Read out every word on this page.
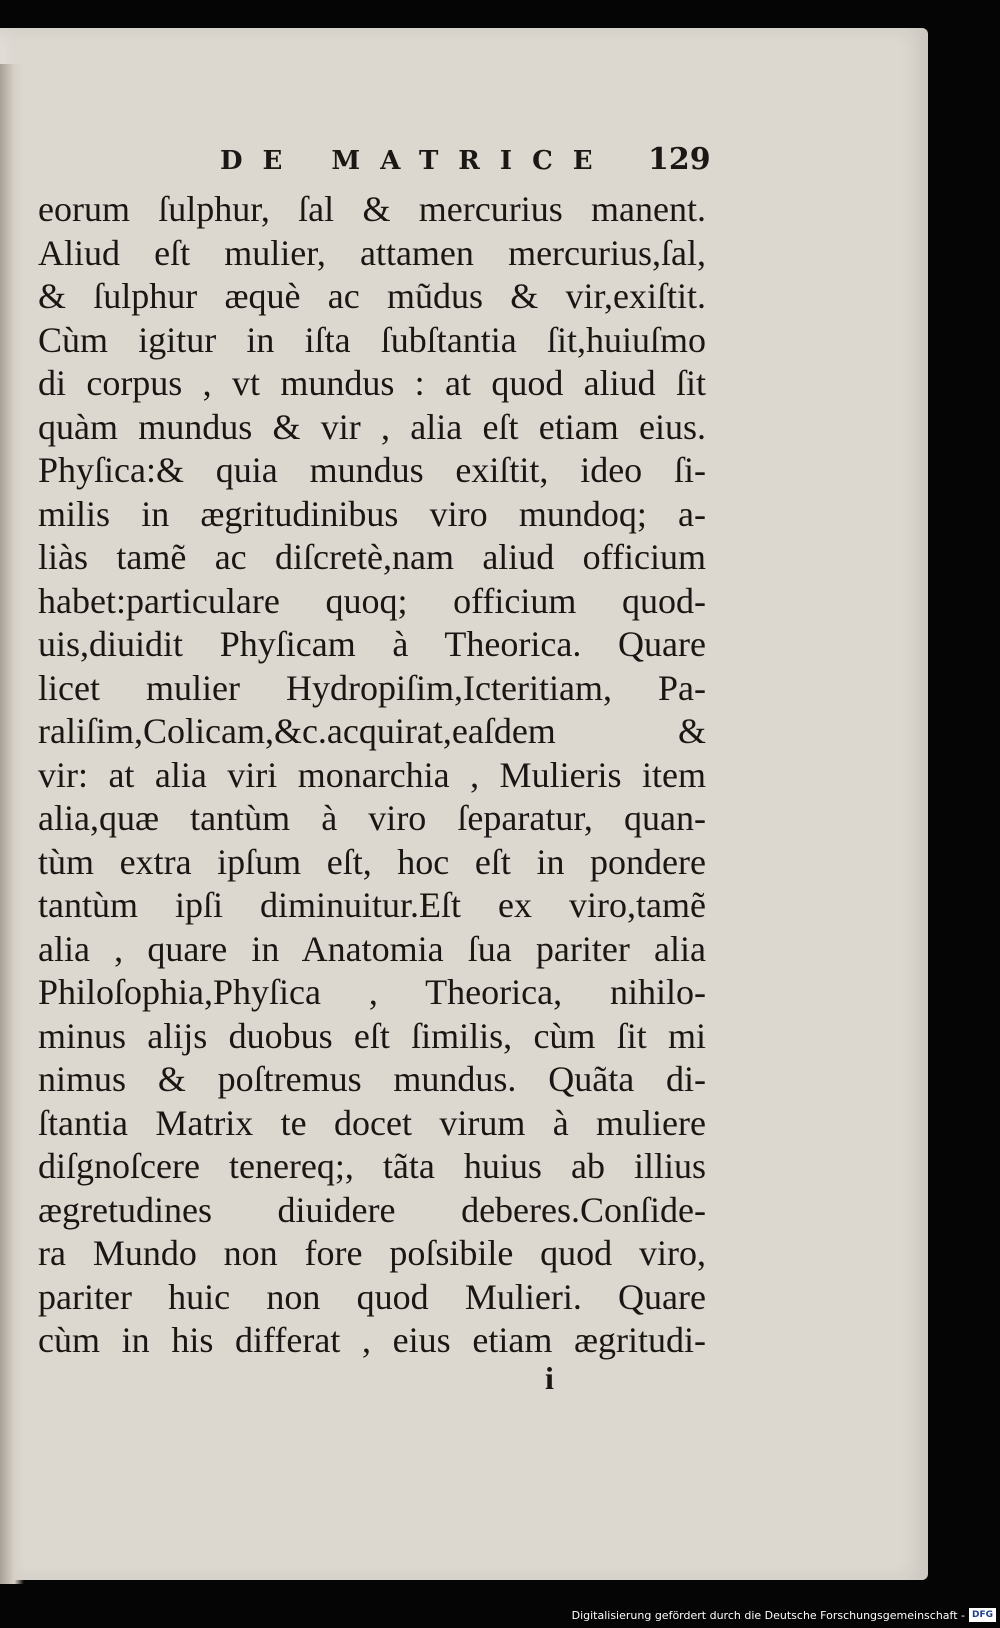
DE MATRICE 129
eorum ſulphur, ſal & mercurius manent.
Aliud eſt mulier, attamen mercurius,ſal,
& ſulphur æquè ac mũdus & vir,exiſtit.
Cùm igitur in iſta ſubſtantia ſit,huiuſmo
di corpus , vt mundus : at quod aliud ſit
quàm mundus & vir , alia eſt etiam eius.
Phyſica:& quia mundus exiſtit, ideo ſi-
milis in ægritudinibus viro mundoq; a-
liàs tamẽ ac diſcretè,nam aliud officium
habet:particulare quoq; officium quod-
uis,diuidit Phyſicam à Theorica. Quare
licet mulier Hydropiſim,Icteritiam, Pa-
raliſim,Colicam,&c.acquirat,eaſdem &
vir: at alia viri monarchia , Mulieris item
alia,quæ tantùm à viro ſeparatur, quan-
tùm extra ipſum eſt, hoc eſt in pondere
tantùm ipſi diminuitur.Eſt ex viro,tamẽ
alia , quare in Anatomia ſua pariter alia
Philoſophia,Phyſica , Theorica, nihilo-
minus alijs duobus eſt ſimilis, cùm ſit mi
nimus & poſtremus mundus. Quãta di-
ſtantia Matrix te docet virum à muliere
diſgnoſcere tenereq;, tãta huius ab illius
ægretudines diuidere deberes.Conſide-
ra Mundo non fore poſsibile quod viro,
pariter huic non quod Mulieri. Quare
cùm in his differat , eius etiam ægritudi-
i
Digitalisierung gefördert durch die Deutsche Forschungsgemeinschaft - DFG
